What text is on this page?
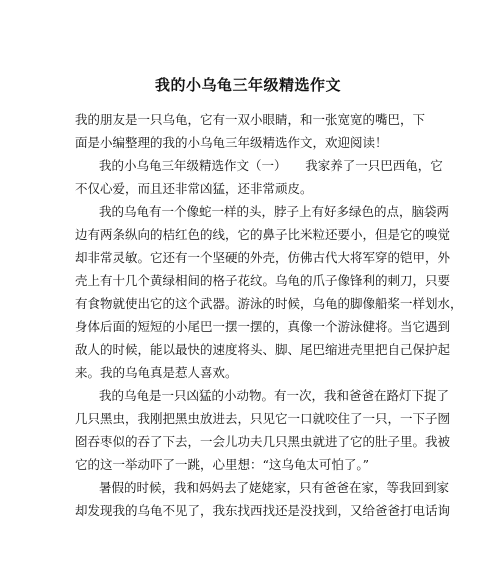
我的小乌龟三年级精选作文
我的朋友是一只乌龟，它有一双小眼睛，和一张宽宽的嘴巴，下
面是小编整理的我的小乌龟三年级精选作文，欢迎阅读！
我的小乌龟三年级精选作文（一）　　我家养了一只巴西龟，它
不仅心爱，而且还非常凶猛，还非常顽皮。
我的乌龟有一个像蛇一样的头，脖子上有好多绿色的点，脑袋两
边有两条纵向的桔红色的线，它的鼻子比米粒还要小，但是它的嗅觉
却非常灵敏。它还有一个坚硬的外壳，仿佛古代大将军穿的铠甲，外
壳上有十几个黄绿相间的格子花纹。乌龟的爪子像锋利的刺刀，只要
有食物就使出它的这个武器。游泳的时候，乌龟的脚像船桨一样划水，
身体后面的短短的小尾巴一摆一摆的，真像一个游泳健将。当它遇到
敌人的时候，能以最快的速度将头、脚、尾巴缩进壳里把自己保护起
来。我的乌龟真是惹人喜欢。
我的乌龟是一只凶猛的小动物。有一次，我和爸爸在路灯下捉了
几只黑虫，我刚把黑虫放进去，只见它一口就咬住了一只，一下子囫
囵吞枣似的吞了下去，一会儿功夫几只黑虫就进了它的肚子里。我被
它的这一举动吓了一跳，心里想：“这乌龟太可怕了。”
暑假的时候，我和妈妈去了姥姥家，只有爸爸在家，等我回到家
却发现我的乌龟不见了，我东找西找还是没找到，又给爸爸打电话询
